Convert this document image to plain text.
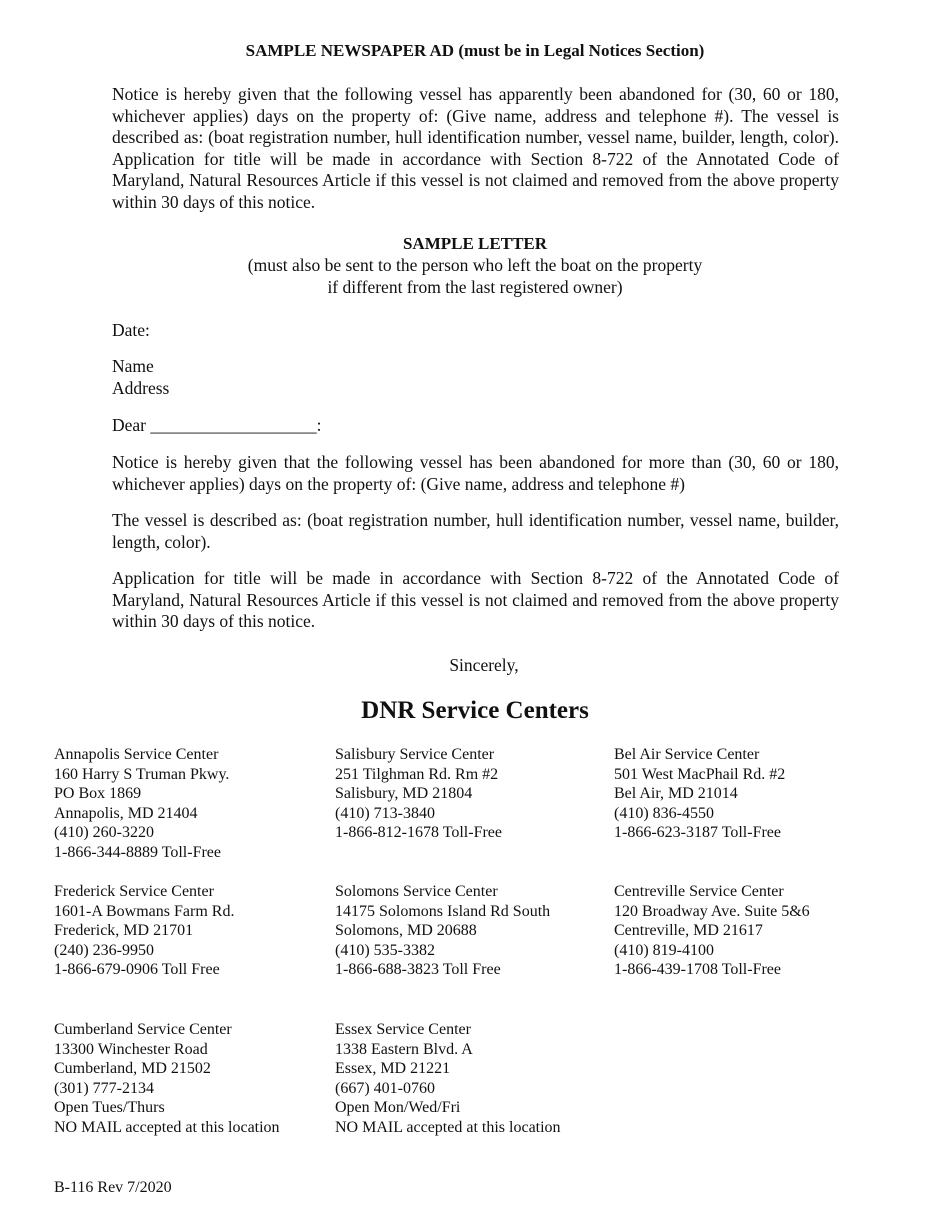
SAMPLE NEWSPAPER AD (must be in Legal Notices Section)
Notice is hereby given that the following vessel has apparently been abandoned for (30, 60 or 180, whichever applies) days on the property of: (Give name, address and telephone #). The vessel is described as: (boat registration number, hull identification number, vessel name, builder, length, color). Application for title will be made in accordance with Section 8-722 of the Annotated Code of Maryland, Natural Resources Article if this vessel is not claimed and removed from the above property within 30 days of this notice.
SAMPLE LETTER
(must also be sent to the person who left the boat on the property
if different from the last registered owner)
Date:
Name
Address
Dear ___________________:
Notice is hereby given that the following vessel has been abandoned for more than (30, 60 or 180, whichever applies) days on the property of: (Give name, address and telephone #)
The vessel is described as: (boat registration number, hull identification number, vessel name, builder, length, color).
Application for title will be made in accordance with Section 8-722 of the Annotated Code of Maryland, Natural Resources Article if this vessel is not claimed and removed from the above property within 30 days of this notice.
Sincerely,
DNR Service Centers
Annapolis Service Center
160 Harry S Truman Pkwy.
PO Box 1869
Annapolis, MD 21404
(410) 260-3220
1-866-344-8889 Toll-Free
Salisbury Service Center
251 Tilghman Rd. Rm #2
Salisbury, MD 21804
(410) 713-3840
1-866-812-1678 Toll-Free
Bel Air Service Center
501 West MacPhail Rd. #2
Bel Air, MD 21014
(410) 836-4550
1-866-623-3187 Toll-Free
Frederick Service Center
1601-A Bowmans Farm Rd.
Frederick, MD 21701
(240) 236-9950
1-866-679-0906 Toll Free
Solomons Service Center
14175 Solomons Island Rd South
Solomons, MD 20688
(410) 535-3382
1-866-688-3823 Toll Free
Centreville Service Center
120 Broadway Ave. Suite 5&6
Centreville, MD 21617
(410) 819-4100
1-866-439-1708 Toll-Free
Cumberland Service Center
13300 Winchester Road
Cumberland, MD 21502
(301) 777-2134
Open Tues/Thurs
NO MAIL accepted at this location
Essex Service Center
1338 Eastern Blvd. A
Essex, MD 21221
(667) 401-0760
Open Mon/Wed/Fri
NO MAIL accepted at this location
B-116 Rev 7/2020
